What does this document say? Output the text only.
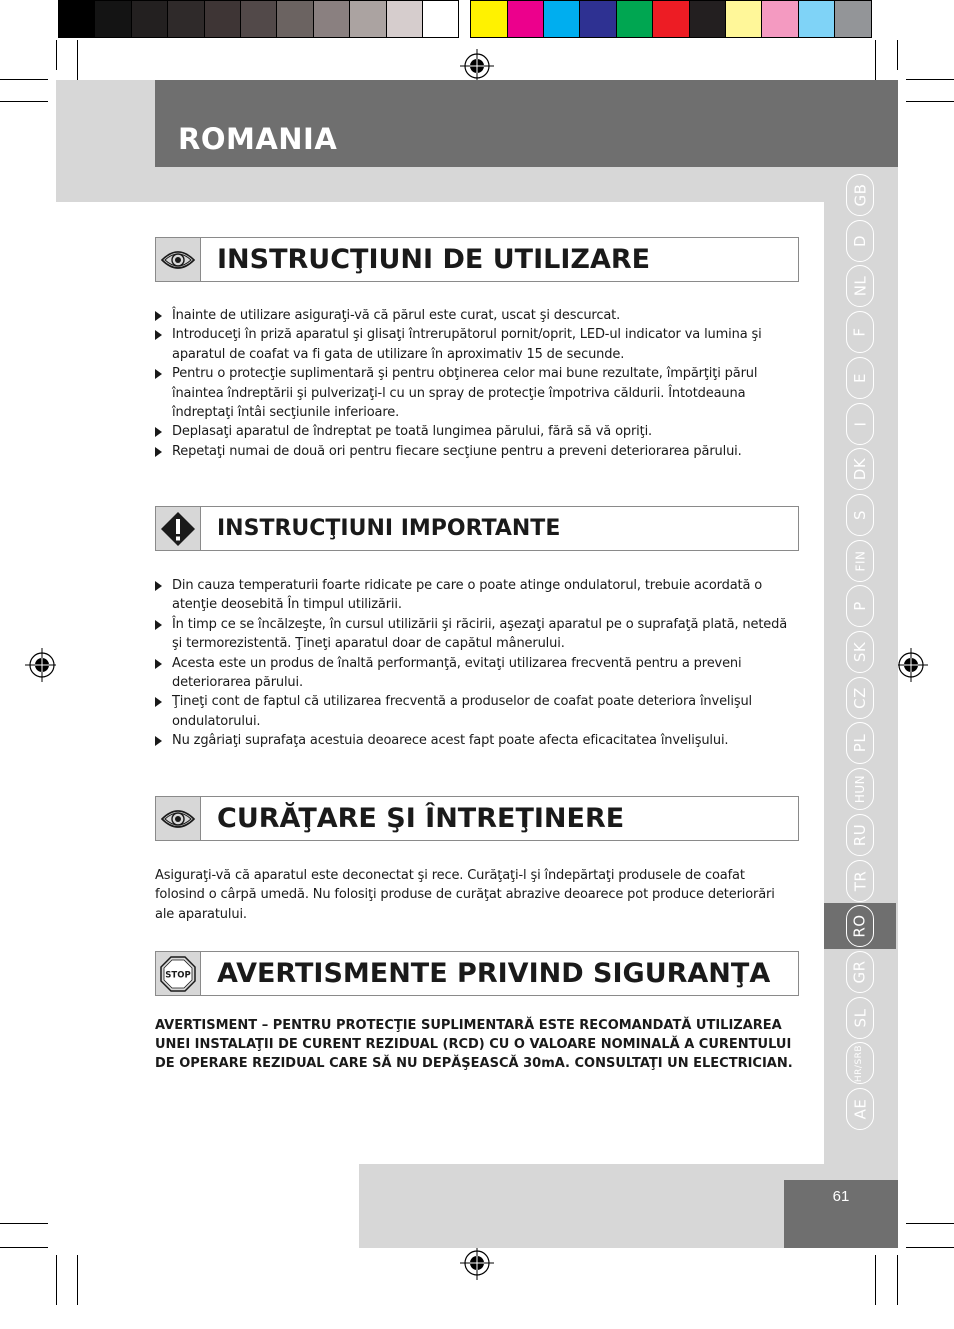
ROMANIA
GB
D
NL
F
E
I
DK
S
FIN
P
SK
CZ
PL
HUN
RU
TR
RO
GR
SL
HR/SRB
AE
INSTRUCŢIUNI DE UTILIZARE
Înainte de utilizare asiguraţi-vă că părul este curat, uscat şi descurcat.
Introduceţi în priză aparatul şi glisaţi întrerupătorul pornit/oprit, LED-ul indicator va lumina şi aparatul de coafat va fi gata de utilizare în aproximativ 15 de secunde.
Pentru o protecţie suplimentară şi pentru obţinerea celor mai bune rezultate, împărţiţi părul înaintea îndreptării şi pulverizaţi-l cu un spray de protecţie împotriva căldurii. Întotdeauna îndreptaţi întâi secţiunile inferioare.
Deplasaţi aparatul de îndreptat pe toată lungimea părului, fără să vă opriţi.
Repetaţi numai de două ori pentru fiecare secţiune pentru a preveni deteriorarea părului.
INSTRUCŢIUNI IMPORTANTE
Din cauza temperaturii foarte ridicate pe care o poate atinge ondulatorul, trebuie acordată o atenţie deosebită În timpul utilizării.
În timp ce se încălzeşte, în cursul utilizării şi răcirii, aşezaţi aparatul pe o suprafaţă plată, netedă şi termorezistentă. Ţineţi aparatul doar de capătul mânerului.
Acesta este un produs de înaltă performanţă, evitaţi utilizarea frecventă pentru a preveni deteriorarea părului.
Ţineţi cont de faptul că utilizarea frecventă a produselor de coafat poate deteriora învelişul ondulatorului.
Nu zgâriaţi suprafaţa acestuia deoarece acest fapt poate afecta eficacitatea învelişului.
CURĂŢARE ŞI ÎNTREŢINERE
Asiguraţi-vă că aparatul este deconectat şi rece. Curăţaţi-l şi îndepărtaţi produsele de coafat folosind o cârpă umedă. Nu folosiţi produse de curăţat abrazive deoarece pot produce deteriorări ale aparatului.
STOP AVERTISMENTE PRIVIND SIGURANŢA
AVERTISMENT – PENTRU PROTECŢIE SUPLIMENTARĂ ESTE RECOMANDATĂ UTILIZAREA UNEI INSTALAŢII DE CURENT REZIDUAL (RCD) CU O VALOARE NOMINALĂ A CURENTULUI DE OPERARE REZIDUAL CARE SĂ NU DEPĂŞEASCĂ 30mA. CONSULTAŢI UN ELECTRICIAN.
61
